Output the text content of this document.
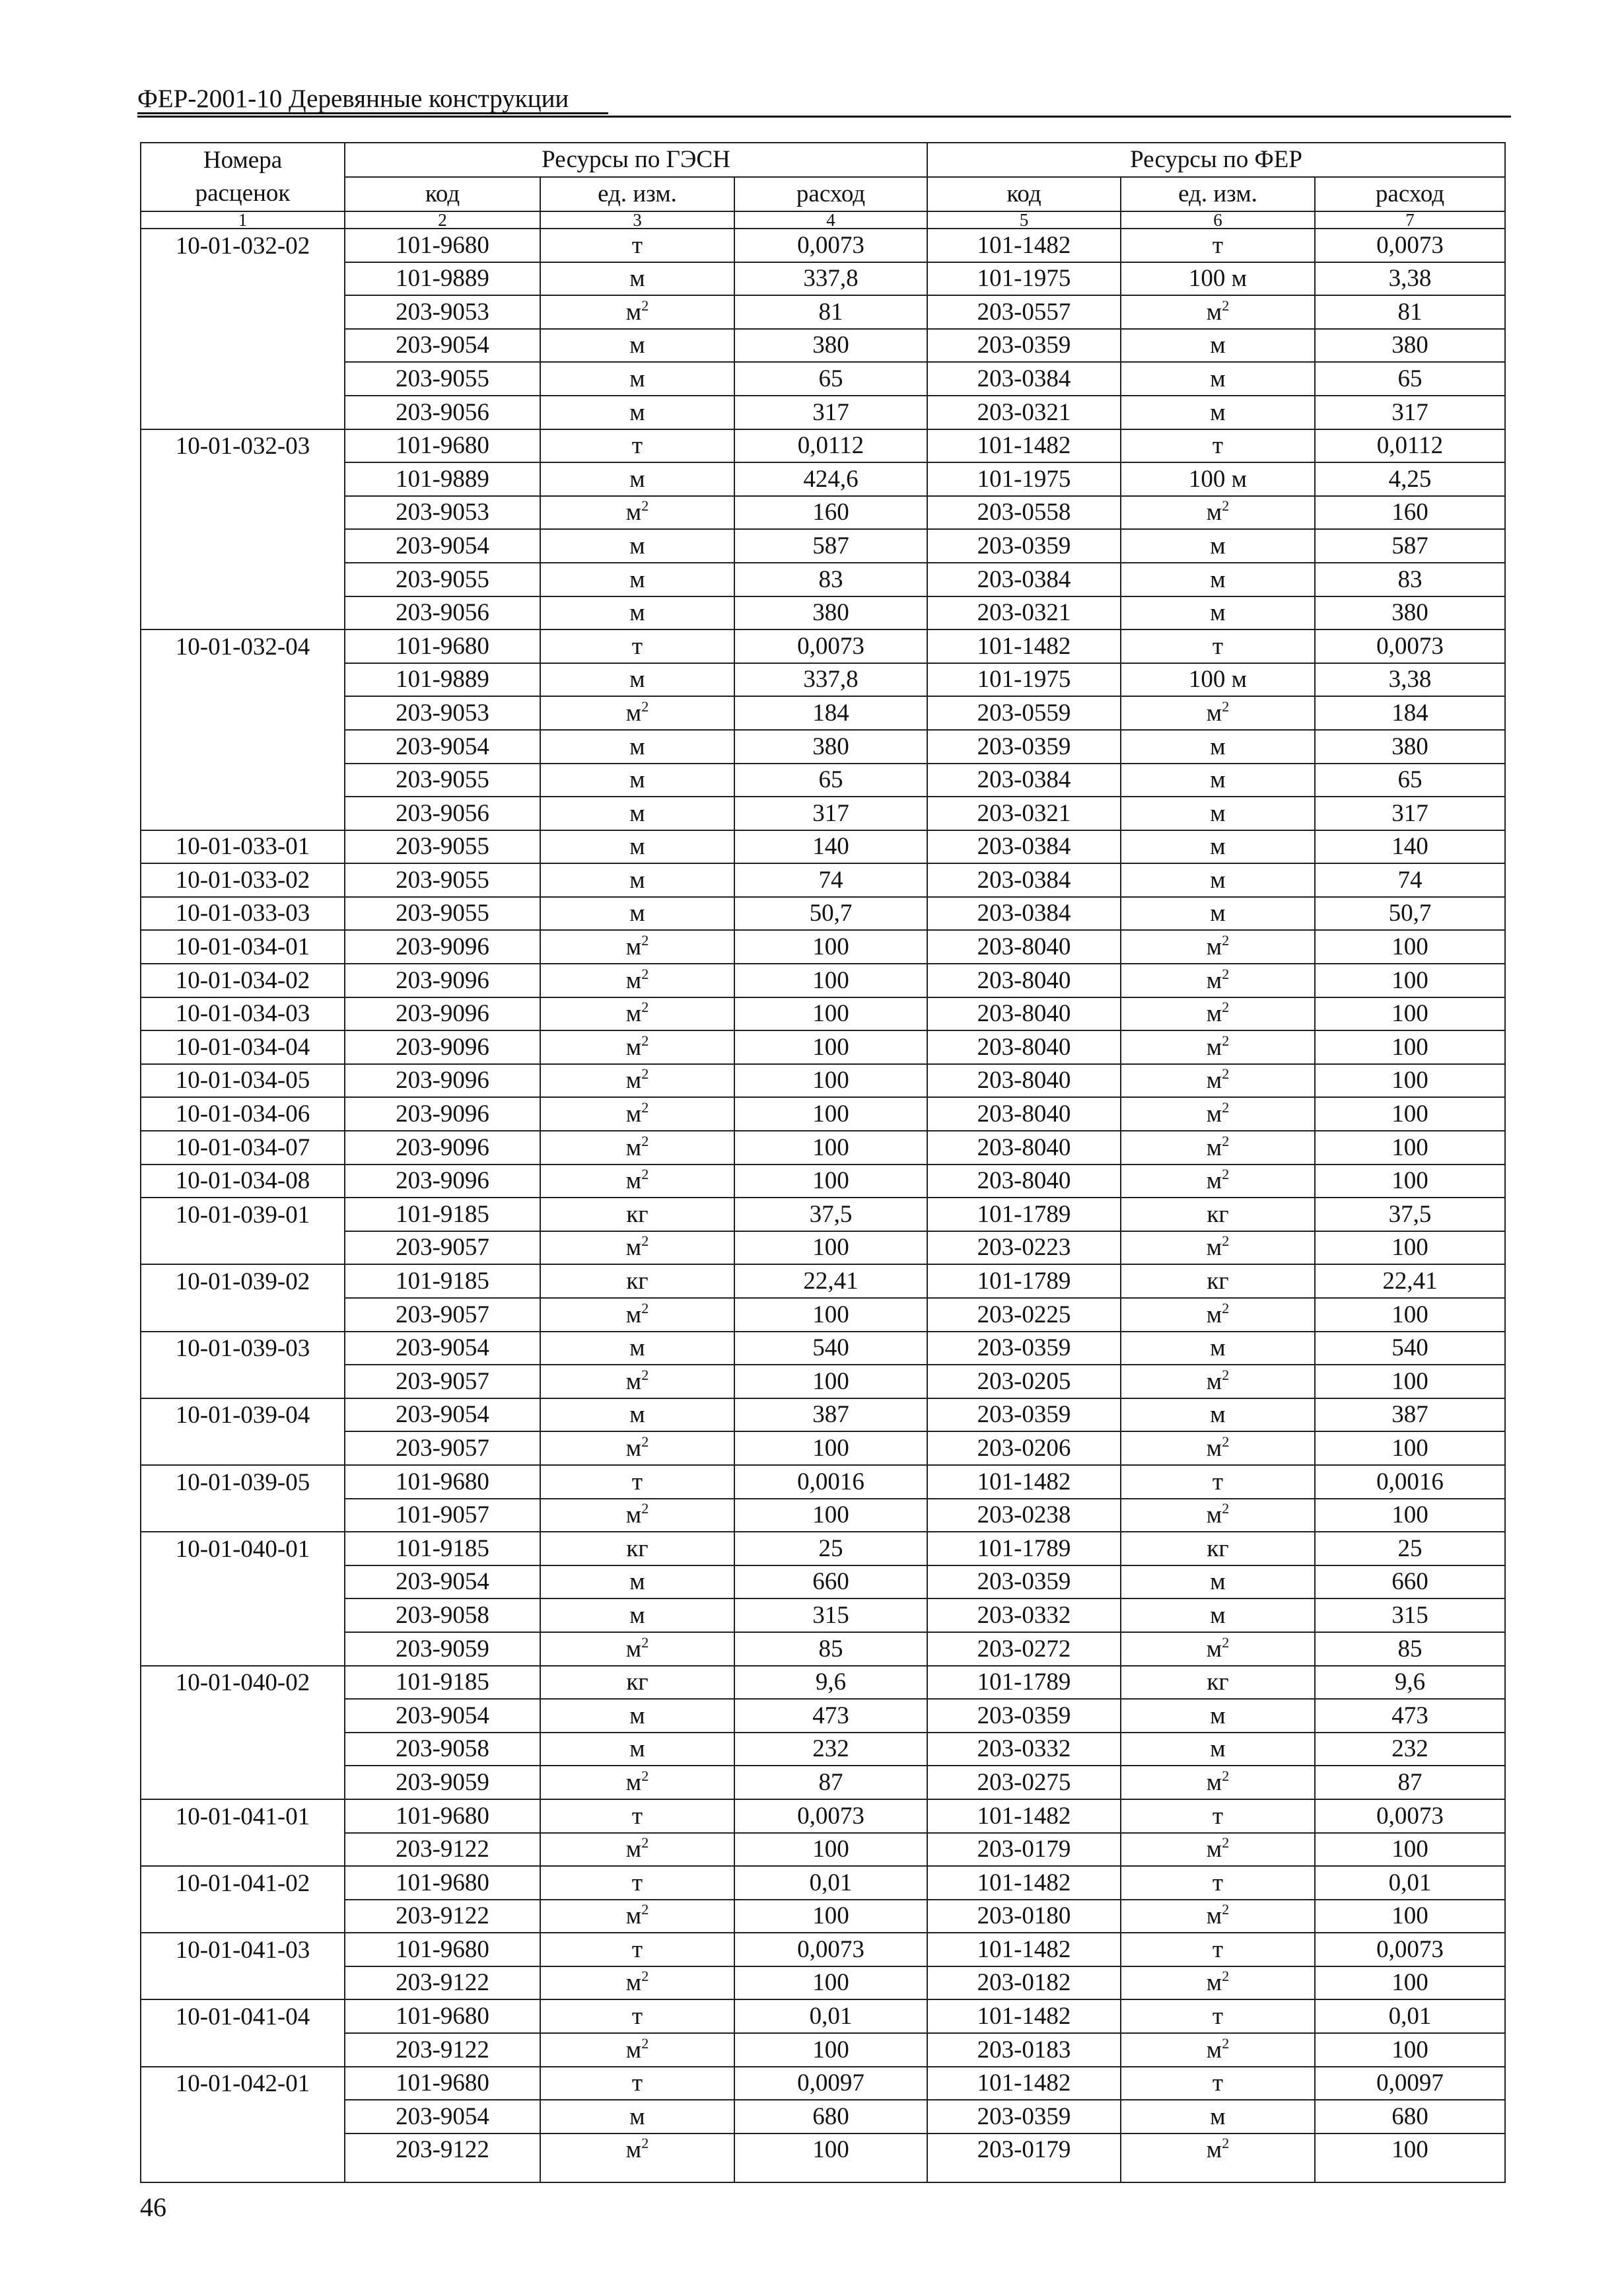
ФЕР-2001-10 Деревянные конструкции
Номера
расценок	Ресурсы по ГЭСН			Ресурсы по ФЕР		
	код	ед. изм.	расход	код	ед. изм.	расход
1	2	3	4	5	6	7
10-01-032-02	101-9680	т	0,0073	101-1482	т	0,0073
	101-9889	м	337,8	101-1975	100 м	3,38
	203-9053	$м^2$	81	203-0557	$м^2$	81
	203-9054	м	380	203-0359	м	380
	203-9055	м	65	203-0384	м	65
	203-9056	м	317	203-0321	м	317
10-01-032-03	101-9680	т	0,0112	101-1482	т	0,0112
	101-9889	м	424,6	101-1975	100 м	4,25
	203-9053	$м^2$	160	203-0558	$м^2$	160
	203-9054	м	587	203-0359	м	587
	203-9055	м	83	203-0384	м	83
	203-9056	м	380	203-0321	м	380
10-01-032-04	101-9680	т	0,0073	101-1482	т	0,0073
	101-9889	м	337,8	101-1975	100 м	3,38
	203-9053	$м^2$	184	203-0559	$м^2$	184
	203-9054	м	380	203-0359	м	380
	203-9055	м	65	203-0384	м	65
	203-9056	м	317	203-0321	м	317
10-01-033-01	203-9055	м	140	203-0384	м	140
10-01-033-02	203-9055	м	74	203-0384	м	74
10-01-033-03	203-9055	м	50,7	203-0384	м	50,7
10-01-034-01	203-9096	$м^2$	100	203-8040	$м^2$	100
10-01-034-02	203-9096	$м^2$	100	203-8040	$м^2$	100
10-01-034-03	203-9096	$м^2$	100	203-8040	$м^2$	100
10-01-034-04	203-9096	$м^2$	100	203-8040	$м^2$	100
10-01-034-05	203-9096	$м^2$	100	203-8040	$м^2$	100
10-01-034-06	203-9096	$м^2$	100	203-8040	$м^2$	100
10-01-034-07	203-9096	$м^2$	100	203-8040	$м^2$	100
10-01-034-08	203-9096	$м^2$	100	203-8040	$м^2$	100
10-01-039-01	101-9185	кг	37,5	101-1789	кг	37,5
	203-9057	$м^2$	100	203-0223	$м^2$	100
10-01-039-02	101-9185	кг	22,41	101-1789	кг	22,41
	203-9057	$м^2$	100	203-0225	$м^2$	100
10-01-039-03	203-9054	м	540	203-0359	м	540
	203-9057	$м^2$	100	203-0205	$м^2$	100
10-01-039-04	203-9054	м	387	203-0359	м	387
	203-9057	$м^2$	100	203-0206	$м^2$	100
10-01-039-05	101-9680	т	0,0016	101-1482	т	0,0016
	101-9057	$м^2$	100	203-0238	$м^2$	100
10-01-040-01	101-9185	кг	25	101-1789	кг	25
	203-9054	м	660	203-0359	м	660
	203-9058	м	315	203-0332	м	315
	203-9059	$м^2$	85	203-0272	$м^2$	85
10-01-040-02	101-9185	кг	9,6	101-1789	кг	9,6
	203-9054	м	473	203-0359	м	473
	203-9058	м	232	203-0332	м	232
	203-9059	$м^2$	87	203-0275	$м^2$	87
10-01-041-01	101-9680	т	0,0073	101-1482	т	0,0073
	203-9122	$м^2$	100	203-0179	$м^2$	100
10-01-041-02	101-9680	т	0,01	101-1482	т	0,01
	203-9122	$м^2$	100	203-0180	$м^2$	100
10-01-041-03	101-9680	т	0,0073	101-1482	т	0,0073
	203-9122	$м^2$	100	203-0182	$м^2$	100
10-01-041-04	101-9680	т	0,01	101-1482	т	0,01
	203-9122	$м^2$	100	203-0183	$м^2$	100
10-01-042-01	101-9680	т	0,0097	101-1482	т	0,0097
	203-9054	м	680	203-0359	м	680
	203-9122	$м^2$	100	203-0179	$м^2$	100
46
